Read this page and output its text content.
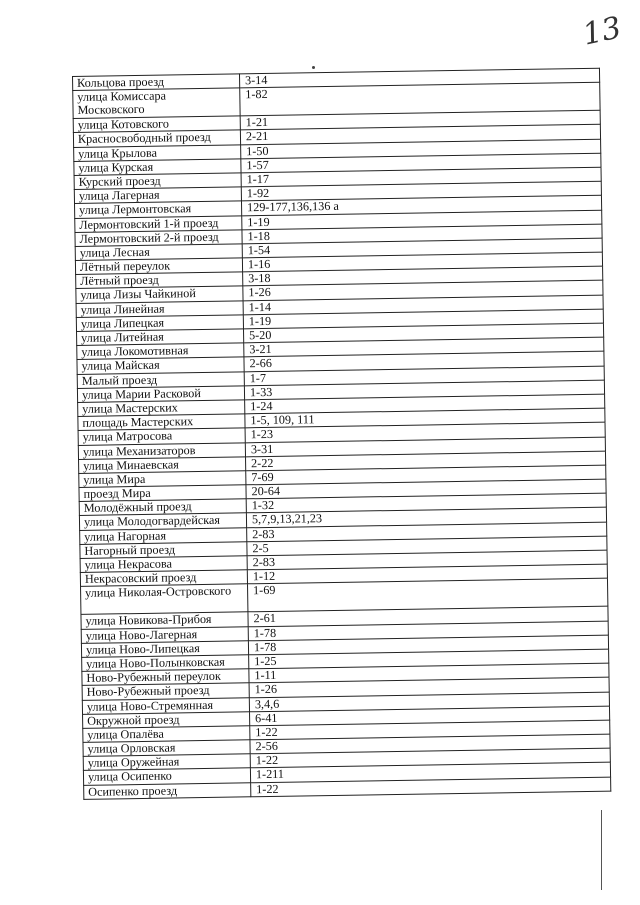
13
Кольцова проезд	3-14
улица Комиссара Московского	1-82
улица Котовского	1-21
Красносвободный проезд	2-21
улица Крылова	1-50
улица Курская	1-57
Курский проезд	1-17
улица Лагерная	1-92
улица Лермонтовская	129-177,136,136 а
Лермонтовский 1-й проезд	1-19
Лермонтовский 2-й проезд	1-18
улица Лесная	1-54
Лётный переулок	1-16
Лётный проезд	3-18
улица Лизы Чайкиной	1-26
улица Линейная	1-14
улица Липецкая	1-19
улица Литейная	5-20
улица Локомотивная	3-21
улица Майская	2-66
Малый проезд	1-7
улица Марии Расковой	1-33
улица Мастерских	1-24
площадь Мастерских	1-5, 109, 111
улица Матросова	1-23
улица Механизаторов	3-31
улица Минаевская	2-22
улица Мира	7-69
проезд Мира	20-64
Молодёжный проезд	1-32
улица Молодогвардейская	5,7,9,13,21,23
улица Нагорная	2-83
Нагорный проезд	2-5
улица Некрасова	2-83
Некрасовский проезд	1-12
улица Николая-Островского	1-69
улица Новикова-Прибоя	2-61
улица Ново-Лагерная	1-78
улица Ново-Липецкая	1-78
улица Ново-Полынковская	1-25
Ново-Рубежный переулок	1-11
Ново-Рубежный проезд	1-26
улица Ново-Стремянная	3,4,6
Окружной проезд	6-41
улица Опалёва	1-22
улица Орловская	2-56
улица Оружейная	1-22
улица Осипенко	1-211
Осипенко проезд	1-22
